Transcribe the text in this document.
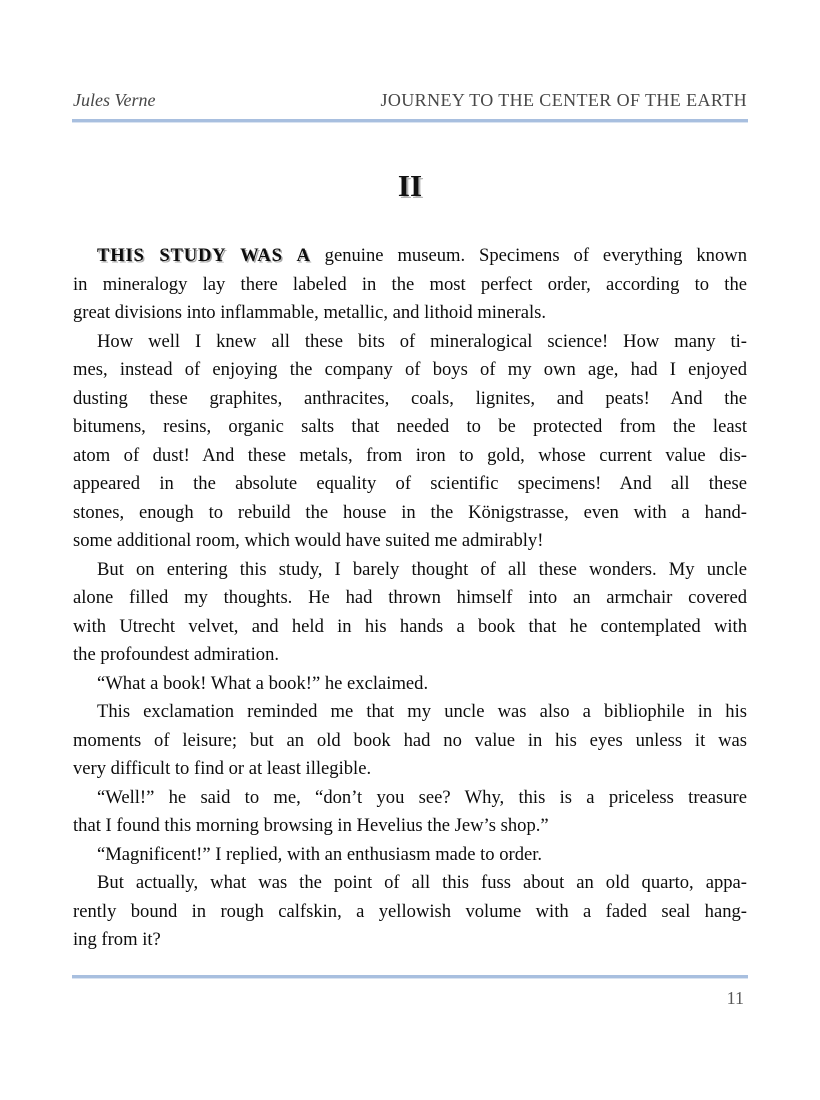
Jules Verne	JOURNEY TO THE CENTER OF THE EARTH
II
THIS STUDY WAS A genuine museum. Specimens of everything known
in mineralogy lay there labeled in the most perfect order, according to the
great divisions into inflammable, metallic, and lithoid minerals.
How well I knew all these bits of mineralogical science! How many ti-
mes, instead of enjoying the company of boys of my own age, had I enjoyed
dusting these graphites, anthracites, coals, lignites, and peats! And the
bitumens, resins, organic salts that needed to be protected from the least
atom of dust! And these metals, from iron to gold, whose current value dis-
appeared in the absolute equality of scientific specimens! And all these
stones, enough to rebuild the house in the Königstrasse, even with a hand-
some additional room, which would have suited me admirably!
But on entering this study, I barely thought of all these wonders. My uncle
alone filled my thoughts. He had thrown himself into an armchair covered
with Utrecht velvet, and held in his hands a book that he contemplated with
the profoundest admiration.
“What a book! What a book!” he exclaimed.
This exclamation reminded me that my uncle was also a bibliophile in his
moments of leisure; but an old book had no value in his eyes unless it was
very difficult to find or at least illegible.
“Well!” he said to me, “don’t you see? Why, this is a priceless treasure
that I found this morning browsing in Hevelius the Jew’s shop.”
“Magnificent!” I replied, with an enthusiasm made to order.
But actually, what was the point of all this fuss about an old quarto, appa-
rently bound in rough calfskin, a yellowish volume with a faded seal hang-
ing from it?
11
